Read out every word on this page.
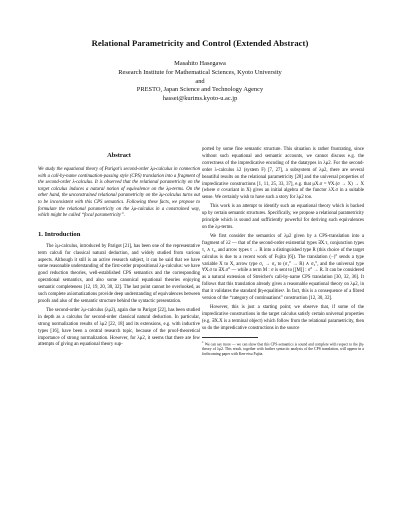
Relational Parametricity and Control (Extended Abstract)
Masahito Hasegawa
Research Institute for Mathematical Sciences, Kyoto University
and
PRESTO, Japan Science and Technology Agency
hassei@kurims.kyoto-u.ac.jp
Abstract

We study the equational theory of Parigot's second-order λμ-calculus in connection with a call-by-name continuation-passing style (CPS) translation into a fragment of the second-order λ-calculus. It is observed that the relational parametricity on the target calculus induces a natural notion of equivalence on the λμ-terms. On the other hand, the unconstrained relational parametricity on the λμ-calculus turns out to be inconsistent with this CPS semantics. Following these facts, we propose to formulate the relational parametricity on the λμ-calculus in a constrained way, which might be called “focal parametricity”.

1. Introduction

The λμ-calculus, introduced by Parigot [21], has been one of the representative term calculi for classical natural deduction, and widely studied from various aspects. Although it still is an active research subject, it can be said that we have some reasonable understanding of the first-order propositional λμ-calculus: we have good reduction theories, well-established CPS semantics and the corresponding operational semantics, and also some canonical equational theories enjoying semantic completeness [12, 19, 20, 30, 32]. The last point cannot be overlooked, as such complete axiomatizations provide deep understanding of equivalences between proofs and also of the semantic structure behind the syntactic presentation.

The second-order λμ-calculus (λμ2), again due to Parigot [22], has been studied in depth as a calculus for second-order classical natural deduction. In particular, strong normalization results of λμ2 [22, 18] and its extensions, e.g. with inductive types [16], have been a central research topic, because of the proof-theoretical importance of strong normalization. However, for λμ2, it seems that there are few attempts of giving an equational theory sup-

ported by some fine semantic structure. This situation is rather frustrating, since without such equational and semantic accounts, we cannot discuss e.g. the correctness of the impredicative encoding of the datatypes in λμ2. For the second-order λ-calculus λ2 (system F) [7, 27], a subsystem of λμ2, there are several beautiful results on the relational parametricity [28] and the universal properties of impredicative constructions [1, 11, 25, 33, 37], e.g. that μX.σ = ∀X.(σ → X) → X (where σ covariant in X) gives an initial algebra of the functor λX.σ in a suitable sense. We certainly wish to have such a story for λμ2 too.

This work is an attempt to identify such an equational theory which is backed up by certain semantic structures. Specifically, we propose a relational parametricity principle which is sound and sufficiently powerful for deriving such equivalences on the λμ-terms.

We first consider the semantics of λμ2 given by a CPS-translation into a fragment of λ2 — that of the second-order existential types ∃X.τ, conjunction types τ₁ ∧ τ₂, and arrow types τ → R into a distinguished type R (this choice of the target calculus is due to a recent work of Fujita [6]). The translation (−)° sends a type variable X to X, arrow type σ₁ → σ₂ to (σ₁° → R) ∧ σ₂°, and the universal type ∀X.σ to ∃X.σ° — while a term M : σ is sent to [[M]] : σ° → R. It can be considered as a natural extension of Streicher's call-by-name CPS translation [30, 32, 36]. It follows that this translation already gives a reasonable equational theory on λμ2, in that it validates the standard βη-equalities¹. In fact, this is a consequence of a fibred version of the “category of continuations” construction [12, 30, 32].

However, this is just a starting point; we observe that, if some of the impredicative constructions in the target calculus satisfy certain universal properties (e.g. ∃X.X is a terminal object) which follow from the relational parametricity, then so do the impredicative constructions in the source

1 We can say more — we can show that this CPS-semantics is sound and complete with respect to the βη-theory of λμ2. This result, together with further syntactic analysis of the CPS translation, will appear in a forthcoming paper with Ken-etsu Fujita.
